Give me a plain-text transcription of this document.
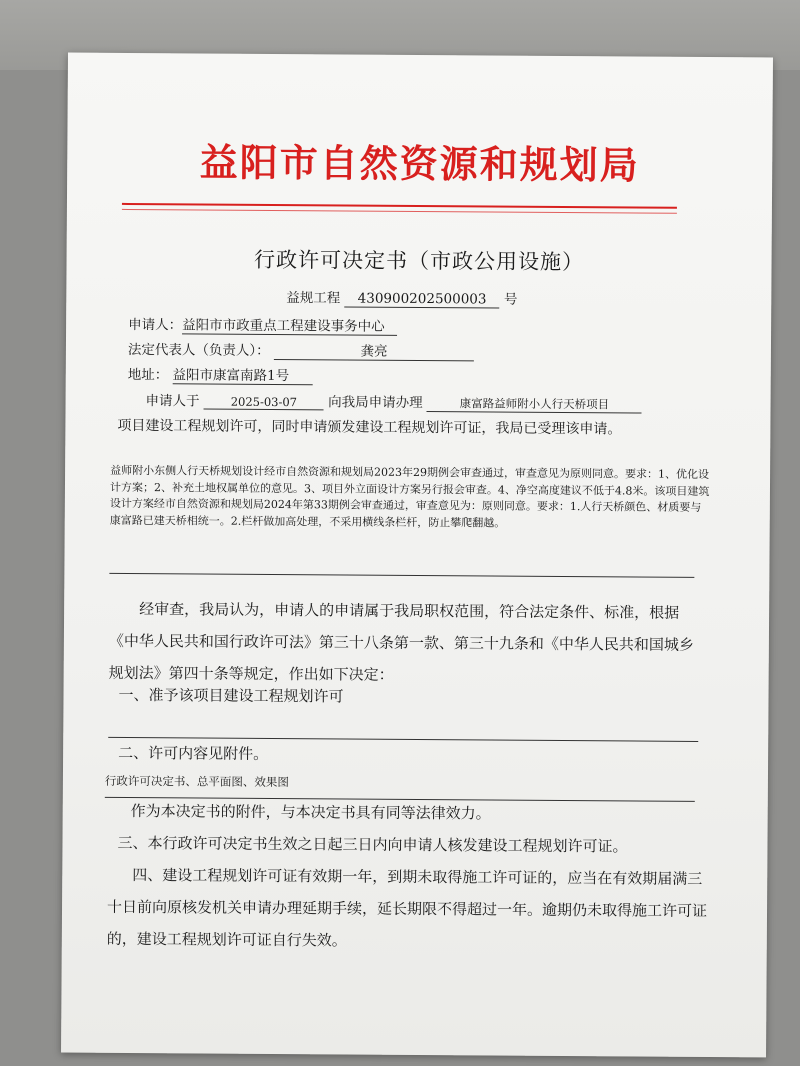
益阳市自然资源和规划局
行政许可决定书（市政公用设施）
益规工程 430900202500003 号
申请人：益阳市市政重点工程建设事务中心
法定代表人（负责人）：	龚亮
地址： 益阳市康富南路1号
申请人于	2025-03-07 向我局申请办理	康富路益师附小人行天桥项目
项目建设工程规划许可，同时申请颁发建设工程规划许可证，我局已受理该申请。
益师附小东侧人行天桥规划设计经市自然资源和规划局2023年29期例会审查通过，审查意见为原则同意。要求：1、优化设计方案；2、补充土地权属单位的意见。3、项目外立面设计方案另行报会审查。4、净空高度建议不低于4.8米。该项目建筑设计方案经市自然资源和规划局2024年第33期例会审查通过，审查意见为：原则同意。要求：1.人行天桥颜色、材质要与康富路已建天桥相统一。2.栏杆做加高处理，不采用横线条栏杆，防止攀爬翻越。
经审查，我局认为，申请人的申请属于我局职权范围，符合法定条件、标准，根据《中华人民共和国行政许可法》第三十八条第一款、第三十九条和《中华人民共和国城乡规划法》第四十条等规定，作出如下决定：
一、准予该项目建设工程规划许可
二、许可内容见附件。
行政许可决定书、总平面图、效果图
作为本决定书的附件，与本决定书具有同等法律效力。
三、本行政许可决定书生效之日起三日内向申请人核发建设工程规划许可证。
四、建设工程规划许可证有效期一年，到期未取得施工许可证的，应当在有效期届满三十日前向原核发机关申请办理延期手续，延长期限不得超过一年。逾期仍未取得施工许可证的，建设工程规划许可证自行失效。
